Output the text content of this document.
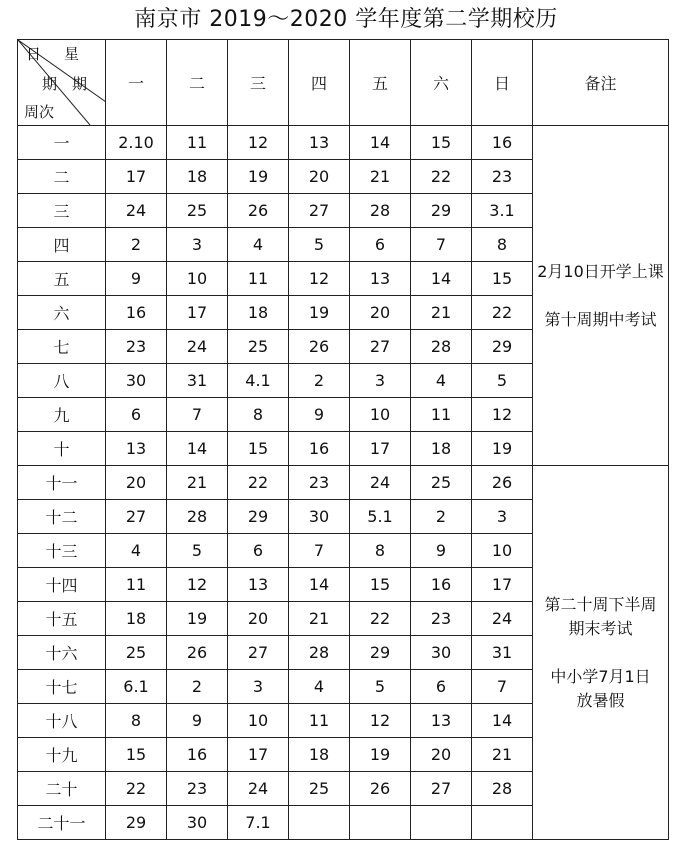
南京市 2019～2020 学年度第二学期校历
日 星
期 期
周次	一	二	三	四	五	六	日	备注
一	2.10	11	12	13	14	15	16	2月10日开学上课

第十周期中考试

二	17	18	19	20	21	22	23	
三	24	25	26	27	28	29	3.1	
四	2	3	4	5	6	7	8	
五	9	10	11	12	13	14	15	
六	16	17	18	19	20	21	22	
七	23	24	25	26	27	28	29	
八	30	31	4.1	2	3	4	5	
九	6	7	8	9	10	11	12	
十	13	14	15	16	17	18	19	
十一	20	21	22	23	24	25	26	第二十周下半周

期末考试

中小学7月1日

放暑假

十二	27	28	29	30	5.1	2	3	
十三	4	5	6	7	8	9	10	
十四	11	12	13	14	15	16	17	
十五	18	19	20	21	22	23	24	
十六	25	26	27	28	29	30	31	
十七	6.1	2	3	4	5	6	7	
十八	8	9	10	11	12	13	14	
十九	15	16	17	18	19	20	21	
二十	22	23	24	25	26	27	28	
二十一	29	30	7.1					
